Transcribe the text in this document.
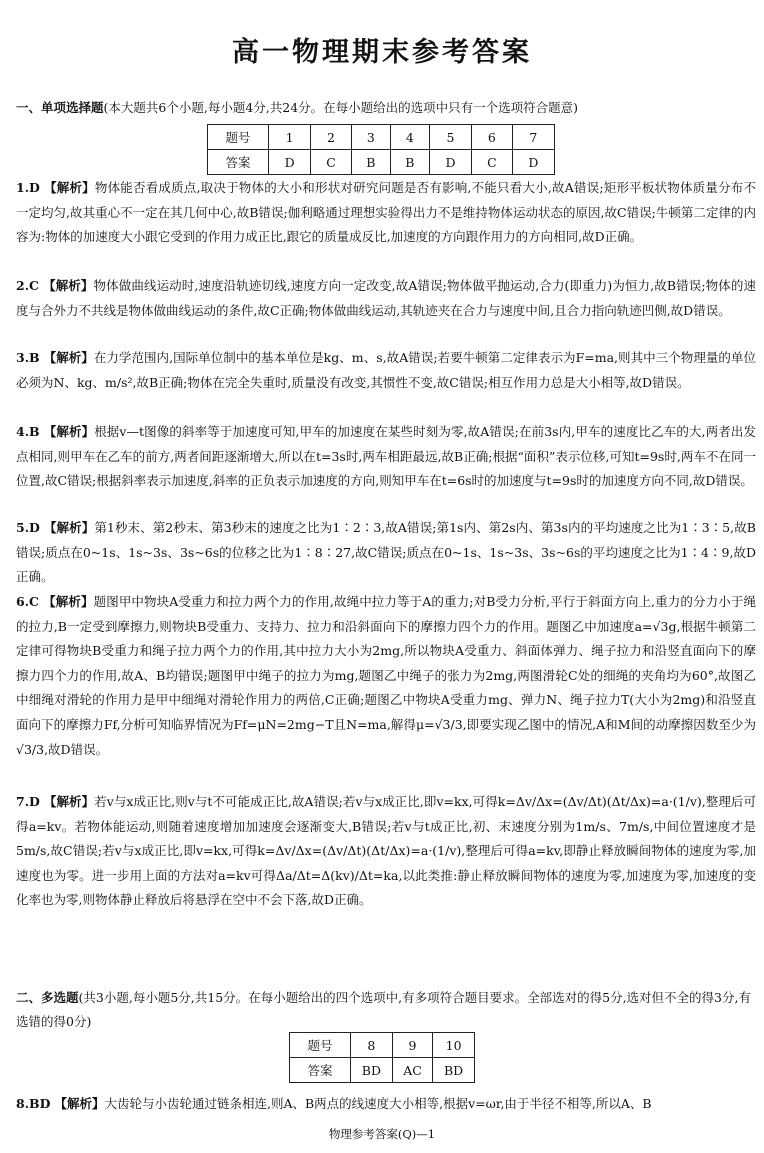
高一物理期末参考答案
一、单项选择题(本大题共6个小题,每小题4分,共24分。在每小题给出的选项中只有一个选项符合题意)
题号	1	2	3	4	5	6	7
答案	D	C	B	B	D	C	D
1.D 【解析】物体能否看成质点,取决于物体的大小和形状对研究问题是否有影响,不能只看大小,故A错误;矩形平板状物体质量分布不一定均匀,故其重心不一定在其几何中心,故B错误;伽利略通过理想实验得出力不是维持物体运动状态的原因,故C错误;牛顿第二定律的内容为:物体的加速度大小跟它受到的作用力成正比,跟它的质量成反比,加速度的方向跟作用力的方向相同,故D正确。
2.C 【解析】物体做曲线运动时,速度沿轨迹切线,速度方向一定改变,故A错误;物体做平抛运动,合力(即重力)为恒力,故B错误;物体的速度与合外力不共线是物体做曲线运动的条件,故C正确;物体做曲线运动,其轨迹夹在合力与速度中间,且合力指向轨迹凹侧,故D错误。
3.B 【解析】在力学范围内,国际单位制中的基本单位是kg、m、s,故A错误;若要牛顿第二定律表示为F=ma,则其中三个物理量的单位必须为N、kg、m/s²,故B正确;物体在完全失重时,质量没有改变,其惯性不变,故C错误;相互作用力总是大小相等,故D错误。
4.B 【解析】根据v—t图像的斜率等于加速度可知,甲车的加速度在某些时刻为零,故A错误;在前3s内,甲车的速度比乙车的大,两者出发点相同,则甲车在乙车的前方,两者间距逐渐增大,所以在t=3s时,两车相距最远,故B正确;根据“面积”表示位移,可知t=9s时,两车不在同一位置,故C错误;根据斜率表示加速度,斜率的正负表示加速度的方向,则知甲车在t=6s时的加速度与t=9s时的加速度方向不同,故D错误。
5.D 【解析】第1秒末、第2秒末、第3秒末的速度之比为1∶2∶3,故A错误;第1s内、第2s内、第3s内的平均速度之比为1∶3∶5,故B错误;质点在0~1s、1s~3s、3s~6s的位移之比为1∶8∶27,故C错误;质点在0~1s、1s~3s、3s~6s的平均速度之比为1∶4∶9,故D正确。
6.C 【解析】题图甲中物块A受重力和拉力两个力的作用,故绳中拉力等于A的重力;对B受力分析,平行于斜面方向上,重力的分力小于绳的拉力,B一定受到摩擦力,则物块B受重力、支持力、拉力和沿斜面向下的摩擦力四个力的作用。题图乙中加速度a=√3g,根据牛顿第二定律可得物块B受重力和绳子拉力两个力的作用,其中拉力大小为2mg,所以物块A受重力、斜面体弹力、绳子拉力和沿竖直面向下的摩擦力四个力的作用,故A、B均错误;题图甲中绳子的拉力为mg,题图乙中绳子的张力为2mg,两图滑轮C处的细绳的夹角均为60°,故图乙中细绳对滑轮的作用力是甲中细绳对滑轮作用力的两倍,C正确;题图乙中物块A受重力mg、弹力N、绳子拉力T(大小为2mg)和沿竖直面向下的摩擦力Ff,分析可知临界情况为Ff=μN=2mg−T且N=ma,解得μ=√3/3,即要实现乙图中的情况,A和M间的动摩擦因数至少为√3/3,故D错误。
7.D 【解析】若v与x成正比,则v与t不可能成正比,故A错误;若v与x成正比,即v=kx,可得k=Δv/Δx=(Δv/Δt)(Δt/Δx)=a·(1/v),整理后可得a=kv。若物体能运动,则随着速度增加加速度会逐渐变大,B错误;若v与t成正比,初、末速度分别为1m/s、7m/s,中间位置速度才是5m/s,故C错误;若v与x成正比,即v=kx,可得k=Δv/Δx=(Δv/Δt)(Δt/Δx)=a·(1/v),整理后可得a=kv,即静止释放瞬间物体的速度为零,加速度也为零。进一步用上面的方法对a=kv可得Δa/Δt=Δ(kv)/Δt=ka,以此类推:静止释放瞬间物体的速度为零,加速度为零,加速度的变化率也为零,则物体静止释放后将悬浮在空中不会下落,故D正确。
二、多选题(共3小题,每小题5分,共15分。在每小题给出的四个选项中,有多项符合题目要求。全部选对的得5分,选对但不全的得3分,有选错的得0分)
题号	8	9	10
答案	BD	AC	BD
8.BD 【解析】大齿轮与小齿轮通过链条相连,则A、B两点的线速度大小相等,根据v=ωr,由于半径不相等,所以A、B
物理参考答案(Q)—1
